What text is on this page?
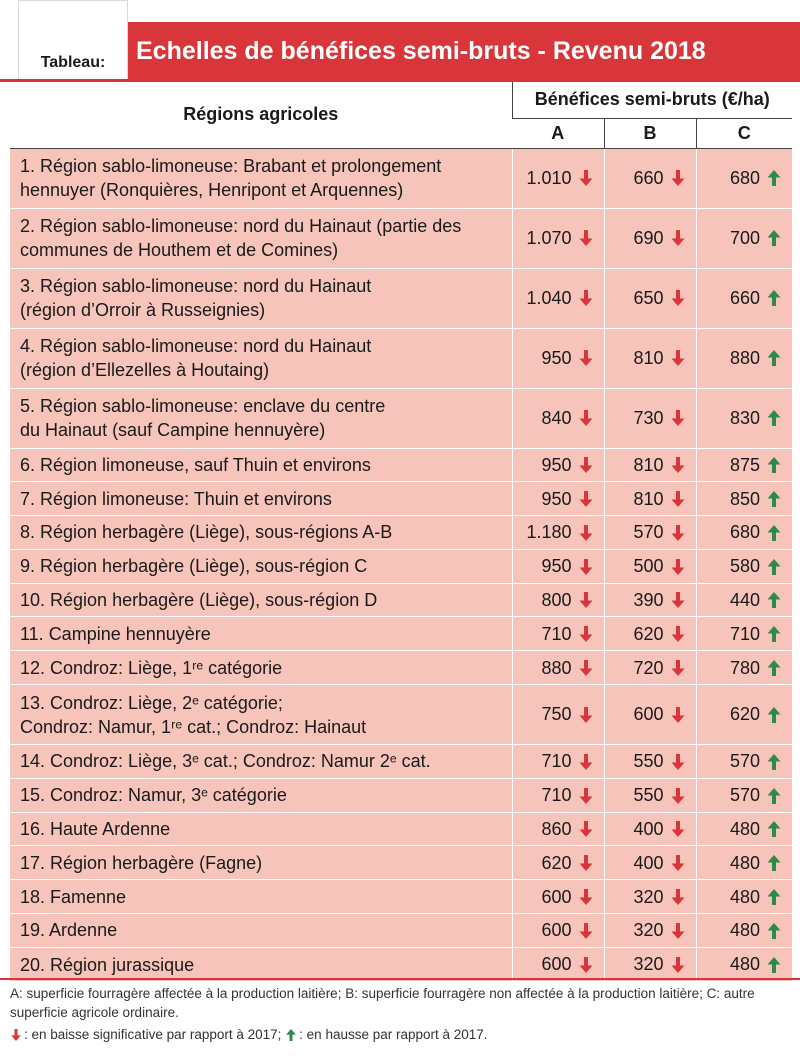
Tableau:	Echelles de bénéfices semi-bruts - Revenu 2018
Régions agricoles	Bénéfices semi-bruts (€/ha)		
	A	B	C

1. Région sablo-limoneuse: Brabant et prolongement
hennuyer (Ronquières, Henripont et Arquennes)	1.010	660	680

2. Région sablo-limoneuse: nord du Hainaut (partie des
communes de Houthem et de Comines)	1.070	690	700

3. Région sablo-limoneuse: nord du Hainaut
(région d’Orroir à Russeignies)	1.040	650	660

4. Région sablo-limoneuse: nord du Hainaut
(région d’Ellezelles à Houtaing)	950	810	880

5. Région sablo-limoneuse: enclave du centre
du Hainaut (sauf Campine hennuyère)	840	730	830

6. Région limoneuse, sauf Thuin et environs	950	810	875

7. Région limoneuse: Thuin et environs	950	810	850

8. Région herbagère (Liège), sous-régions A-B	1.180	570	680

9. Région herbagère (Liège), sous-région C	950	500	580

10. Région herbagère (Liège), sous-région D	800	390	440

11. Campine hennuyère	710	620	710

12. Condroz: Liège, 1ʳᵉ catégorie	880	720	780

13. Condroz: Liège, 2ᵉ catégorie;
Condroz: Namur, 1ʳᵉ cat.; Condroz: Hainaut	750	600	620

14. Condroz: Liège, 3ᵉ cat.; Condroz: Namur 2ᵉ cat.	710	550	570

15. Condroz: Namur, 3ᵉ catégorie	710	550	570

16. Haute Ardenne	860	400	480

17. Région herbagère (Fagne)	620	400	480

18. Famenne	600	320	480

19. Ardenne	600	320	480

20. Région jurassique	600	320	480

A: superficie fourragère affectée à la production laitière; B: superficie fourragère non affectée à la production laitière; C: autre superficie agricole ordinaire.

: en baisse significative par rapport à 2017;
: en hausse par rapport à 2017.
